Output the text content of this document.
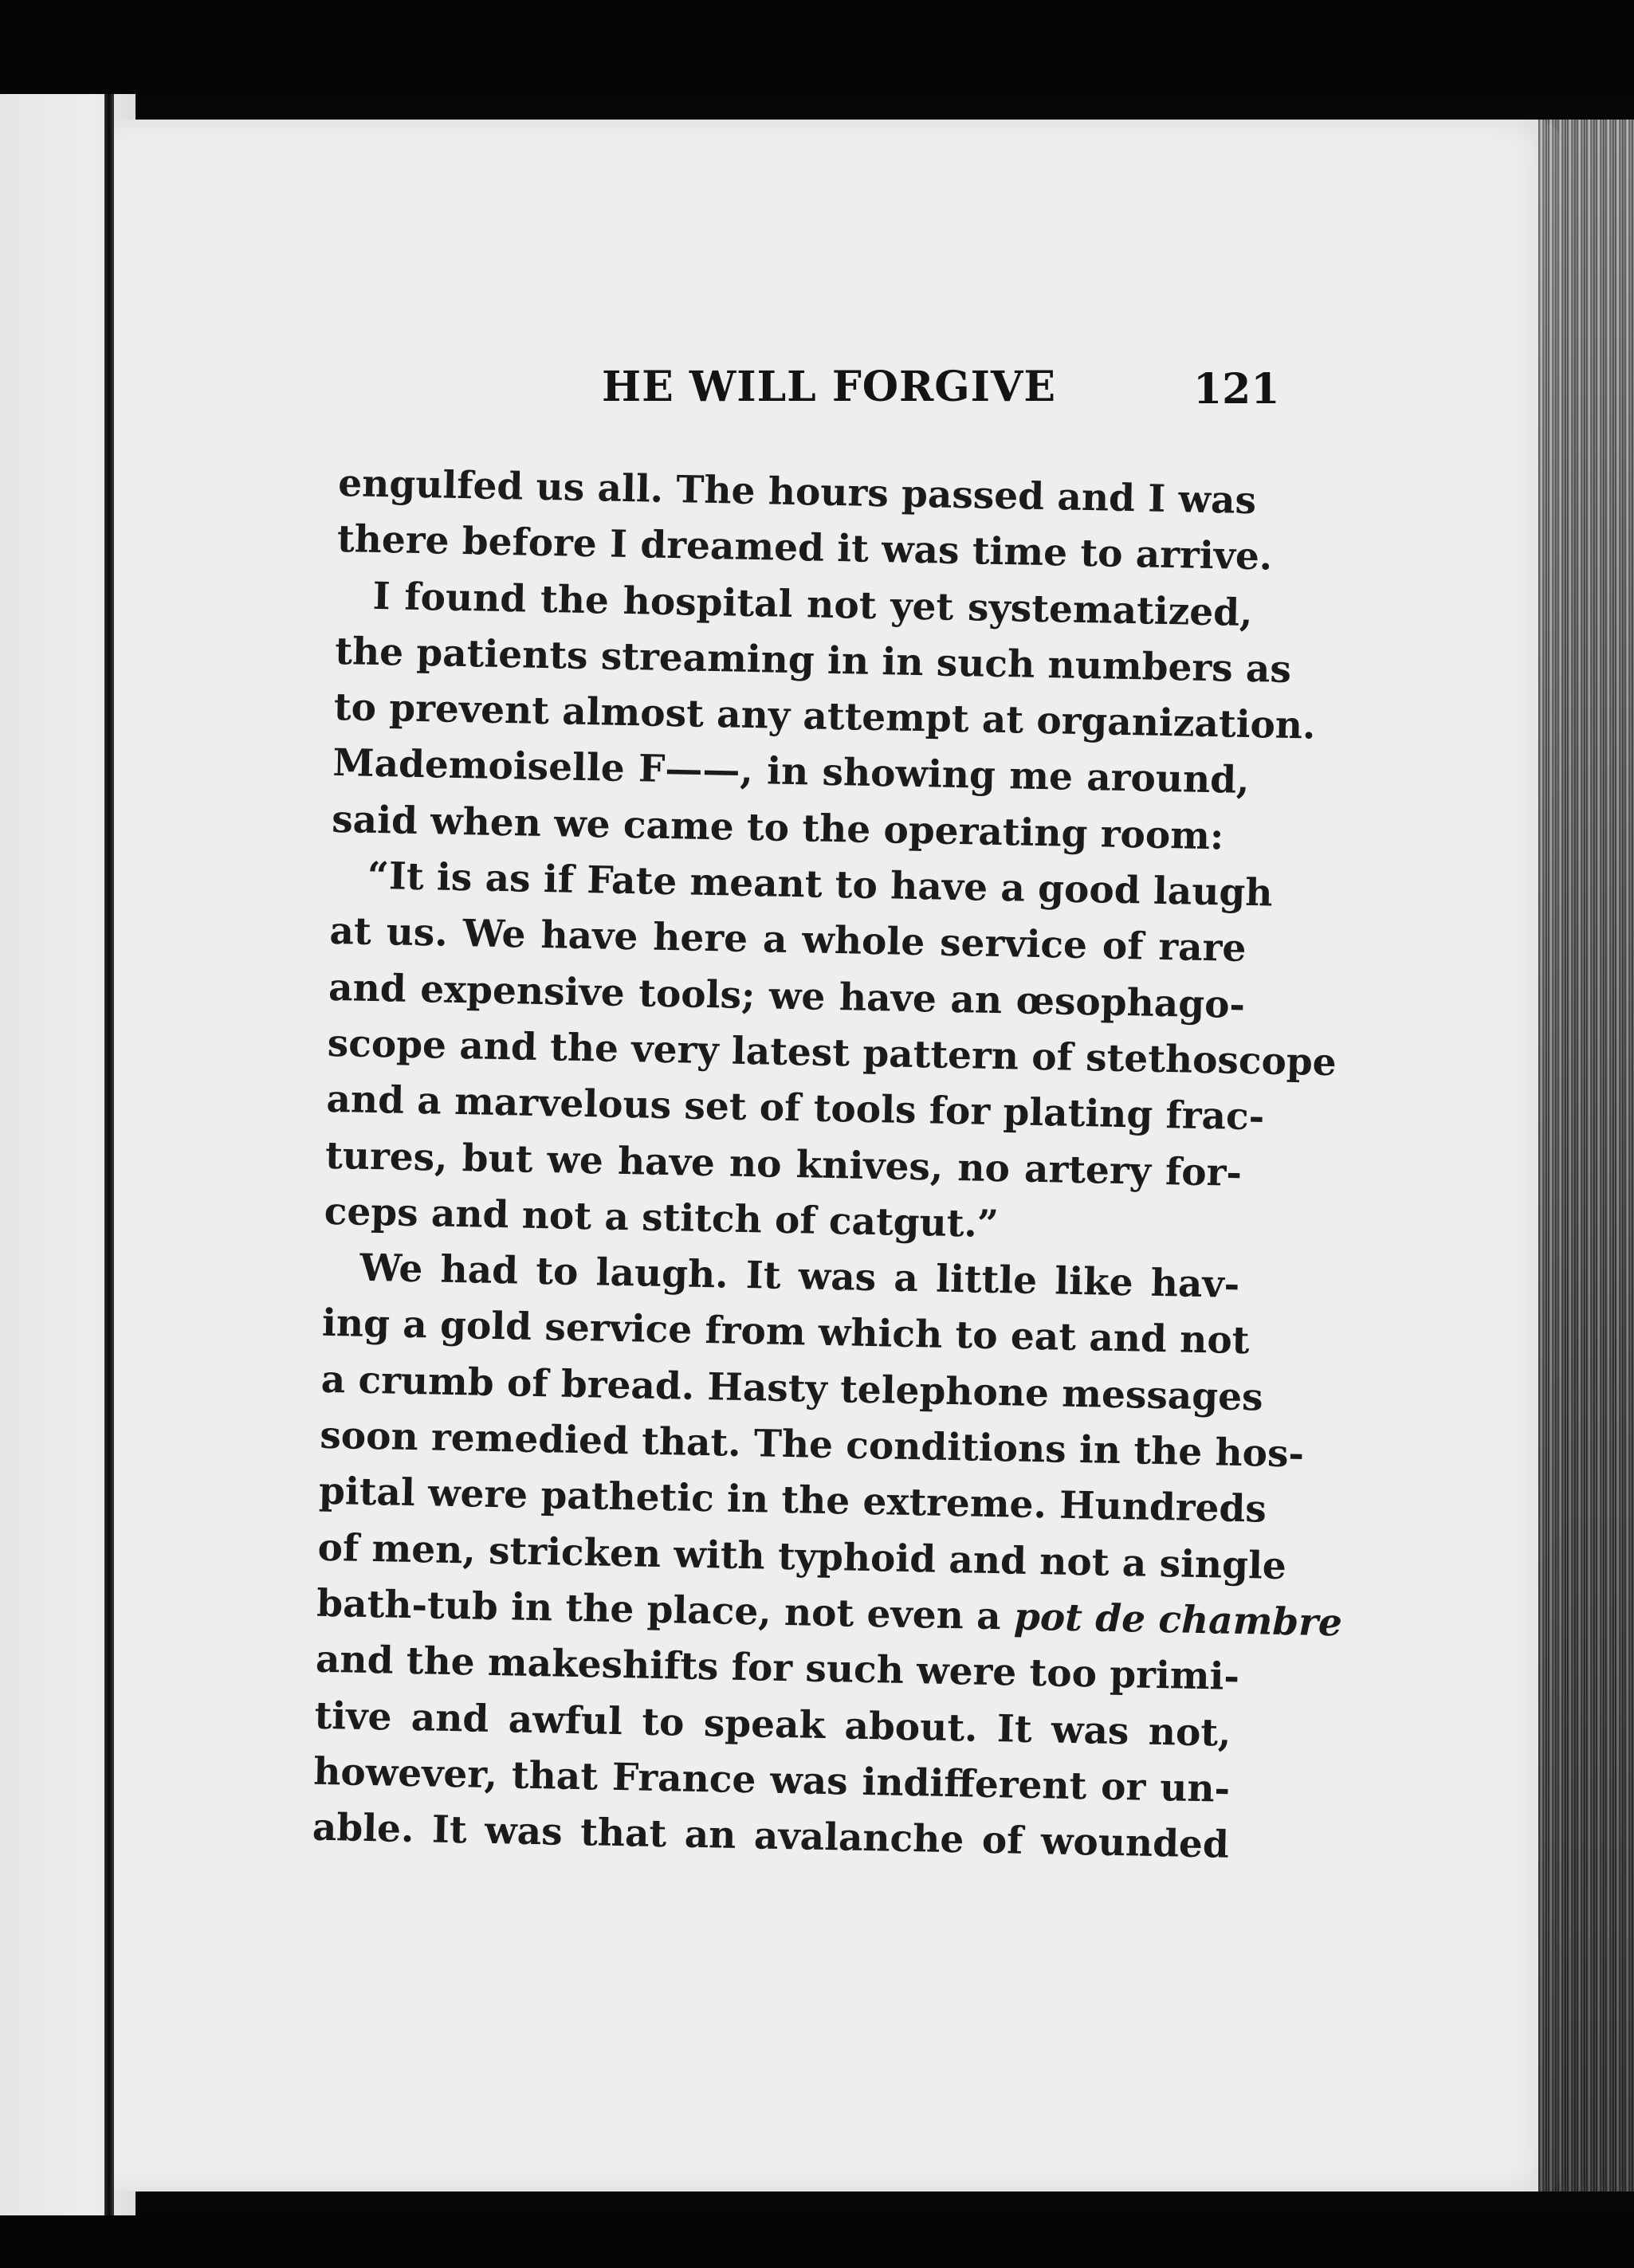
HE WILL FORGIVE	121
engulfed us all. The hours passed and I was
there before I dreamed it was time to arrive.
I found the hospital not yet systematized,
the patients streaming in in such numbers as
to prevent almost any attempt at organization.
Mademoiselle F——, in showing me around,
said when we came to the operating room:
“It is as if Fate meant to have a good laugh
at us. We have here a whole service of rare
and expensive tools; we have an œsophago-
scope and the very latest pattern of stethoscope
and a marvelous set of tools for plating frac-
tures, but we have no knives, no artery for-
ceps and not a stitch of catgut.”
We had to laugh. It was a little like hav-
ing a gold service from which to eat and not
a crumb of bread. Hasty telephone messages
soon remedied that. The conditions in the hos-
pital were pathetic in the extreme. Hundreds
of men, stricken with typhoid and not a single
bath-tub in the place, not even a pot de chambre
and the makeshifts for such were too primi-
tive and awful to speak about. It was not,
however, that France was indifferent or un-
able. It was that an avalanche of wounded
